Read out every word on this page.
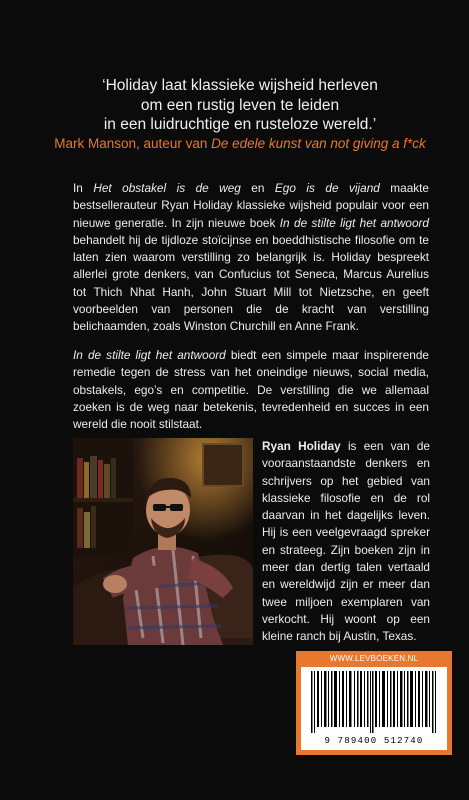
‘Holiday laat klassieke wijsheid herleven
om een rustig leven te leiden
in een luidruchtige en rusteloze wereld.’
Mark Manson, auteur van De edele kunst van not giving a f*ck
In Het obstakel is de weg en Ego is de vijand maakte bestsellerauteur Ryan Holiday klassieke wijsheid populair voor een nieuwe generatie. In zijn nieuwe boek In de stilte ligt het antwoord behandelt hij de tijdloze stoïcijnse en boeddhistische filosofie om te laten zien waarom verstilling zo belangrijk is. Holiday bespreekt allerlei grote denkers, van Confucius tot Seneca, Marcus Aurelius tot Thich Nhat Hanh, John Stuart Mill tot Nietzsche, en geeft voorbeelden van personen die de kracht van verstilling belichaamden, zoals Winston Churchill en Anne Frank.
In de stilte ligt het antwoord biedt een simpele maar inspirerende remedie tegen de stress van het oneindige nieuws, social media, obstakels, ego’s en competitie. De verstilling die we allemaal zoeken is de weg naar betekenis, tevredenheid en succes in een wereld die nooit stilstaat.
Ryan Holiday is een van de vooraanstaandste denkers en schrijvers op het gebied van klassieke filosofie en de rol daarvan in het dagelijks leven. Hij is een veelgevraagd spreker en strateeg. Zijn boeken zijn in meer dan dertig talen vertaald en wereldwijd zijn er meer dan twee miljoen exemplaren van verkocht. Hij woont op een kleine ranch bij Austin, Texas.
WWW.LEVBOEKEN.NL
9 789400 512740
